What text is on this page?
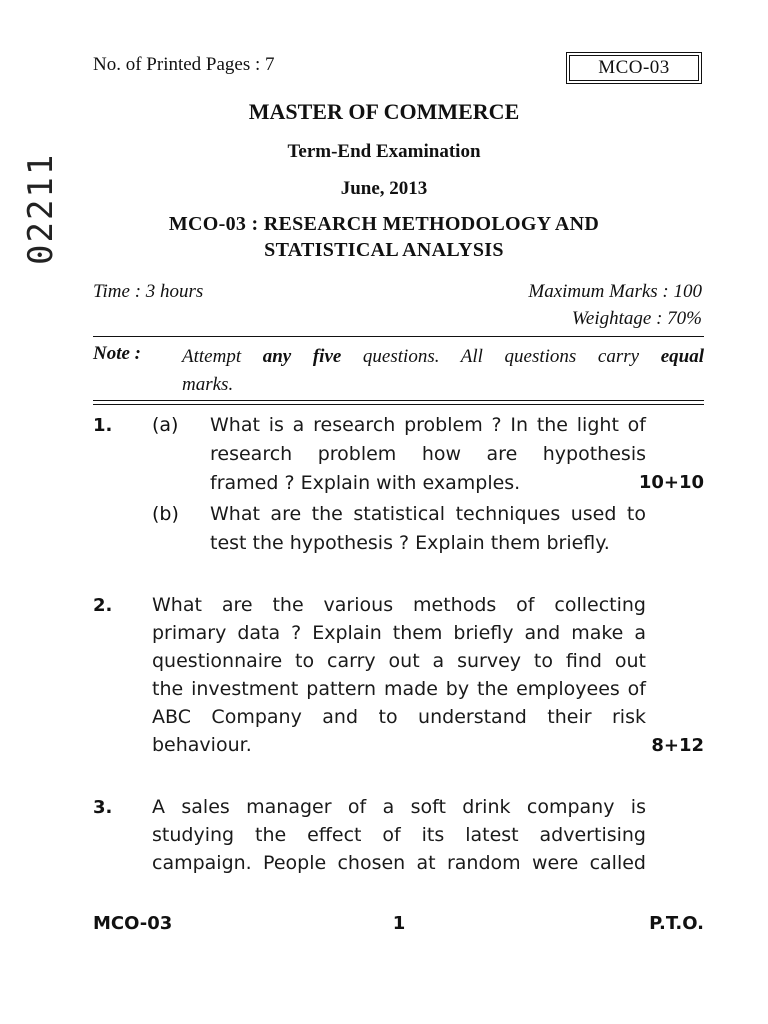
No. of Printed Pages : 7	MCO-03
02211
MASTER OF COMMERCE
Term-End Examination
June, 2013
MCO-03 : RESEARCH METHODOLOGY AND
STATISTICAL ANALYSIS
Time : 3 hours	Maximum Marks : 100
Weightage : 70%
Note : Attempt any five questions. All questions carry equal
marks.
1. (a) What is a research problem ? In the light of
research problem how are hypothesis
framed ? Explain with examples.	10+10
(b) What are the statistical techniques used to
test the hypothesis ? Explain them briefly.
2. What are the various methods of collecting
primary data ? Explain them briefly and make a
questionnaire to carry out a survey to find out
the investment pattern made by the employees of
ABC Company and to understand their risk
behaviour.	8+12
3. A sales manager of a soft drink company is
studying the effect of its latest advertising
campaign. People chosen at random were called
MCO-03	1	P.T.O.
